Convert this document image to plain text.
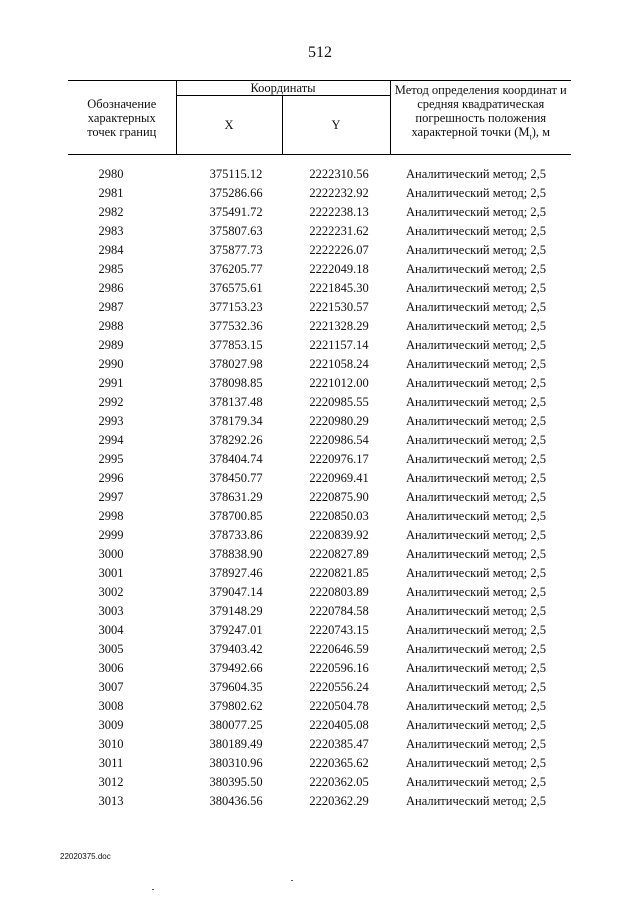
512
Обозначение характерных точек границ	Координаты		Метод определения координат и средняя квадратическая погрешность положения характерной точки $(M_t)$, м
	X	Y	
2980	375115.12	2222310.56	Аналитический метод; 2,5
2981	375286.66	2222232.92	Аналитический метод; 2,5
2982	375491.72	2222238.13	Аналитический метод; 2,5
2983	375807.63	2222231.62	Аналитический метод; 2,5
2984	375877.73	2222226.07	Аналитический метод; 2,5
2985	376205.77	2222049.18	Аналитический метод; 2,5
2986	376575.61	2221845.30	Аналитический метод; 2,5
2987	377153.23	2221530.57	Аналитический метод; 2,5
2988	377532.36	2221328.29	Аналитический метод; 2,5
2989	377853.15	2221157.14	Аналитический метод; 2,5
2990	378027.98	2221058.24	Аналитический метод; 2,5
2991	378098.85	2221012.00	Аналитический метод; 2,5
2992	378137.48	2220985.55	Аналитический метод; 2,5
2993	378179.34	2220980.29	Аналитический метод; 2,5
2994	378292.26	2220986.54	Аналитический метод; 2,5
2995	378404.74	2220976.17	Аналитический метод; 2,5
2996	378450.77	2220969.41	Аналитический метод; 2,5
2997	378631.29	2220875.90	Аналитический метод; 2,5
2998	378700.85	2220850.03	Аналитический метод; 2,5
2999	378733.86	2220839.92	Аналитический метод; 2,5
3000	378838.90	2220827.89	Аналитический метод; 2,5
3001	378927.46	2220821.85	Аналитический метод; 2,5
3002	379047.14	2220803.89	Аналитический метод; 2,5
3003	379148.29	2220784.58	Аналитический метод; 2,5
3004	379247.01	2220743.15	Аналитический метод; 2,5
3005	379403.42	2220646.59	Аналитический метод; 2,5
3006	379492.66	2220596.16	Аналитический метод; 2,5
3007	379604.35	2220556.24	Аналитический метод; 2,5
3008	379802.62	2220504.78	Аналитический метод; 2,5
3009	380077.25	2220405.08	Аналитический метод; 2,5
3010	380189.49	2220385.47	Аналитический метод; 2,5
3011	380310.96	2220365.62	Аналитический метод; 2,5
3012	380395.50	2220362.05	Аналитический метод; 2,5
3013	380436.56	2220362.29	Аналитический метод; 2,5
22020375.doc
